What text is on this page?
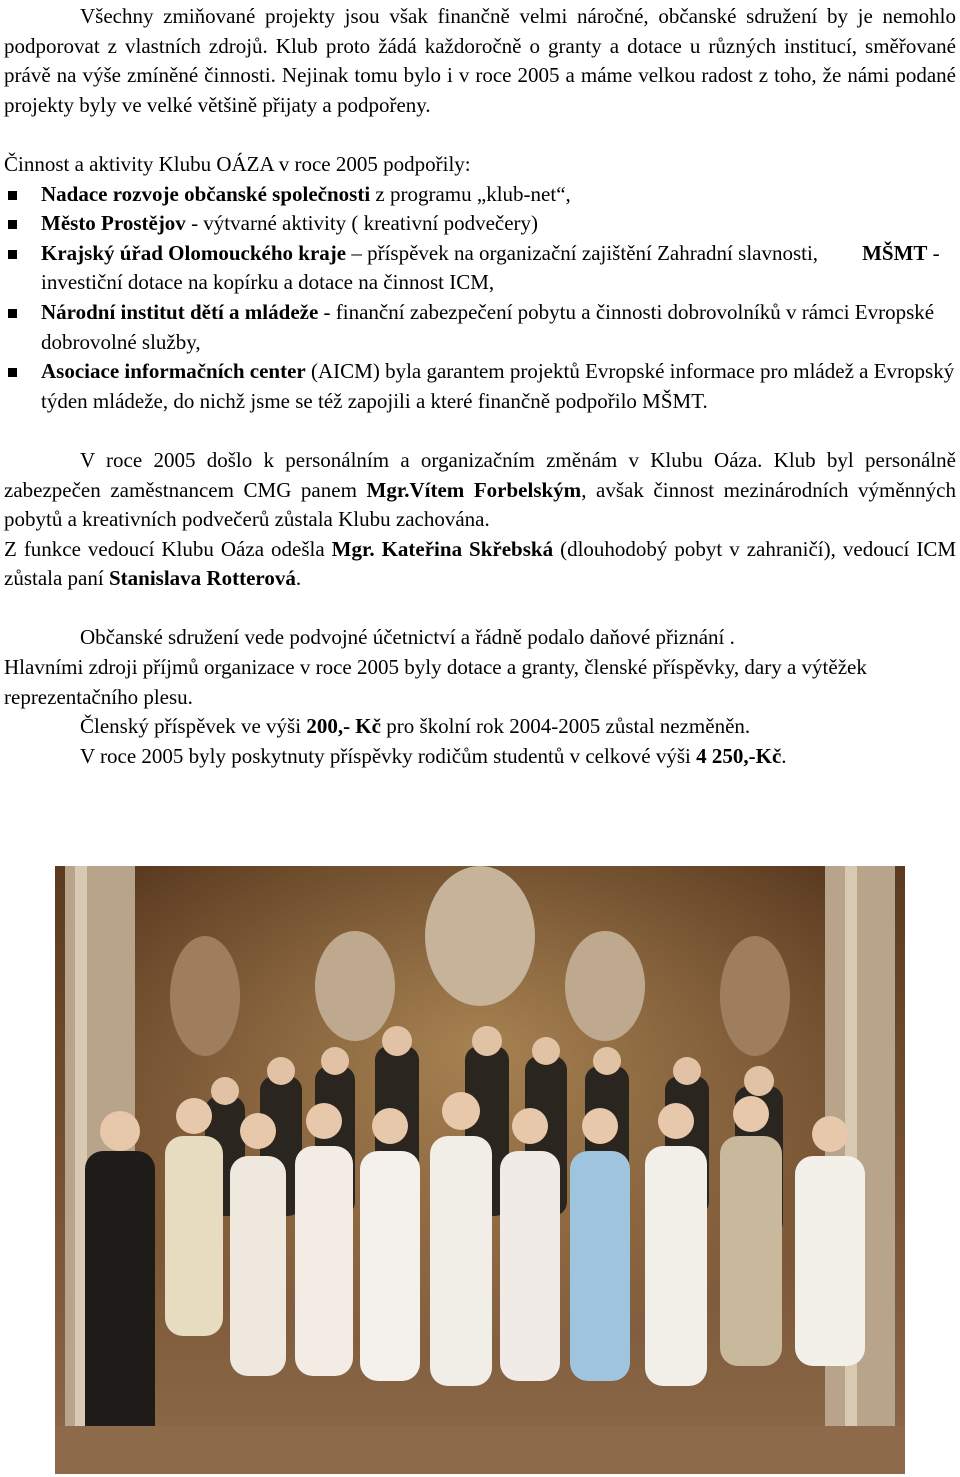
Všechny zmiňované projekty jsou však finančně velmi náročné, občanské sdružení by je nemohlo podporovat z vlastních zdrojů. Klub proto žádá každoročně o granty a dotace u různých institucí, směřované právě na výše zmíněné činnosti. Nejinak tomu bylo i v roce 2005 a máme velkou radost z toho, že námi podané projekty byly ve velké většině přijaty a podpořeny.

Činnost a aktivity Klubu OÁZA v roce 2005 podpořily:

Nadace rozvoje občanské společnosti z programu „klub-net“,
Město Prostějov - výtvarné aktivity ( kreativní podvečery)
Krajský úřad Olomouckého kraje – příspěvek na organizační zajištění Zahradní slavnosti, MŠMT - investiční dotace na kopírku a dotace na činnost ICM,
Národní institut dětí a mládeže - finanční zabezpečení pobytu a činnosti dobrovolníků v rámci Evropské dobrovolné služby,
Asociace informačních center (AICM) byla garantem projektů Evropské informace pro mládež a Evropský týden mládeže, do nichž jsme se též zapojili a které finančně podpořilo MŠMT.

V roce 2005 došlo k personálním a organizačním změnám v Klubu Oáza. Klub byl personálně zabezpečen zaměstnancem CMG panem Mgr.Vítem Forbelským, avšak činnost mezinárodních výměnných pobytů a kreativních podvečerů zůstala Klubu zachována.

Z funkce vedoucí Klubu Oáza odešla Mgr. Kateřina Skřebská (dlouhodobý pobyt v zahraničí), vedoucí ICM zůstala paní Stanislava Rotterová.

Občanské sdružení vede podvojné účetnictví a řádně podalo daňové přiznání .

Hlavními zdroji příjmů organizace v roce 2005 byly dotace a granty, členské příspěvky, dary a výtěžek reprezentačního plesu.

Členský příspěvek ve výši 200,- Kč pro školní rok 2004-2005 zůstal nezměněn.

V roce 2005 byly poskytnuty příspěvky rodičům studentů v celkové výši 4 250,-Kč.
